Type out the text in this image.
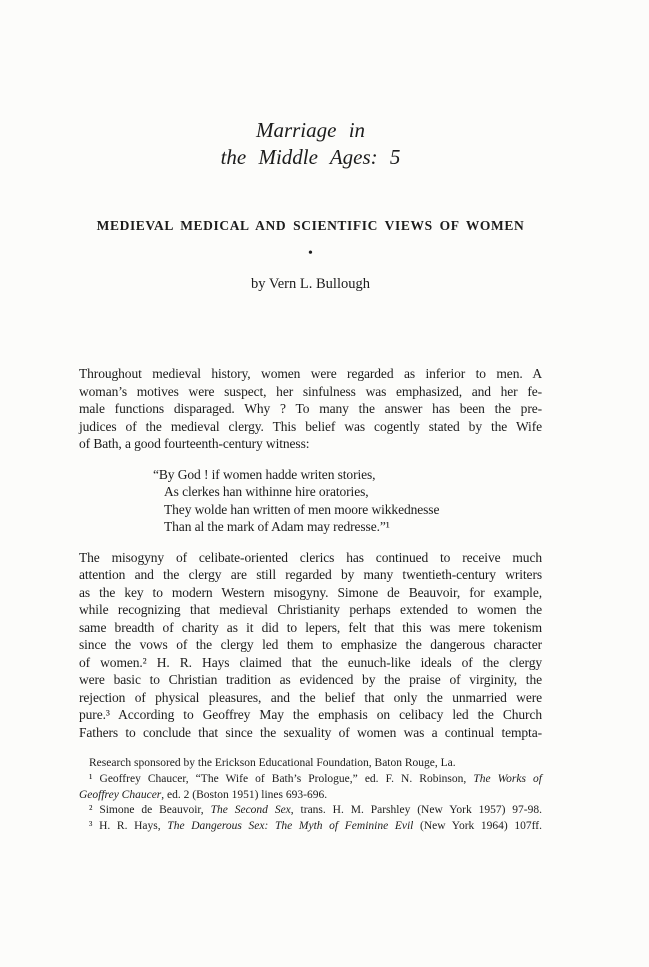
Marriage in
the Middle Ages: 5
MEDIEVAL MEDICAL AND SCIENTIFIC VIEWS OF WOMEN
•
by Vern L. Bullough
Throughout medieval history, women were regarded as inferior to men. A
woman’s motives were suspect, her sinfulness was emphasized, and her fe-
male functions disparaged. Why ? To many the answer has been the pre-
judices of the medieval clergy. This belief was cogently stated by the Wife
of Bath, a good fourteenth-century witness:
“By God ! if women hadde writen stories,
As clerkes han withinne hire oratories,
They wolde han written of men moore wikkednesse
Than al the mark of Adam may redresse.”¹
The misogyny of celibate-oriented clerics has continued to receive much
attention and the clergy are still regarded by many twentieth-century writers
as the key to modern Western misogyny. Simone de Beauvoir, for example,
while recognizing that medieval Christianity perhaps extended to women the
same breadth of charity as it did to lepers, felt that this was mere tokenism
since the vows of the clergy led them to emphasize the dangerous character
of women.² H. R. Hays claimed that the eunuch-like ideals of the clergy
were basic to Christian tradition as evidenced by the praise of virginity, the
rejection of physical pleasures, and the belief that only the unmarried were
pure.³ According to Geoffrey May the emphasis on celibacy led the Church
Fathers to conclude that since the sexuality of women was a continual tempta-
Research sponsored by the Erickson Educational Foundation, Baton Rouge, La.
¹ Geoffrey Chaucer, “The Wife of Bath’s Prologue,” ed. F. N. Robinson, The Works of
Geoffrey Chaucer, ed. 2 (Boston 1951) lines 693-696.
² Simone de Beauvoir, The Second Sex, trans. H. M. Parshley (New York 1957) 97-98.
³ H. R. Hays, The Dangerous Sex: The Myth of Feminine Evil (New York 1964) 107ff.
